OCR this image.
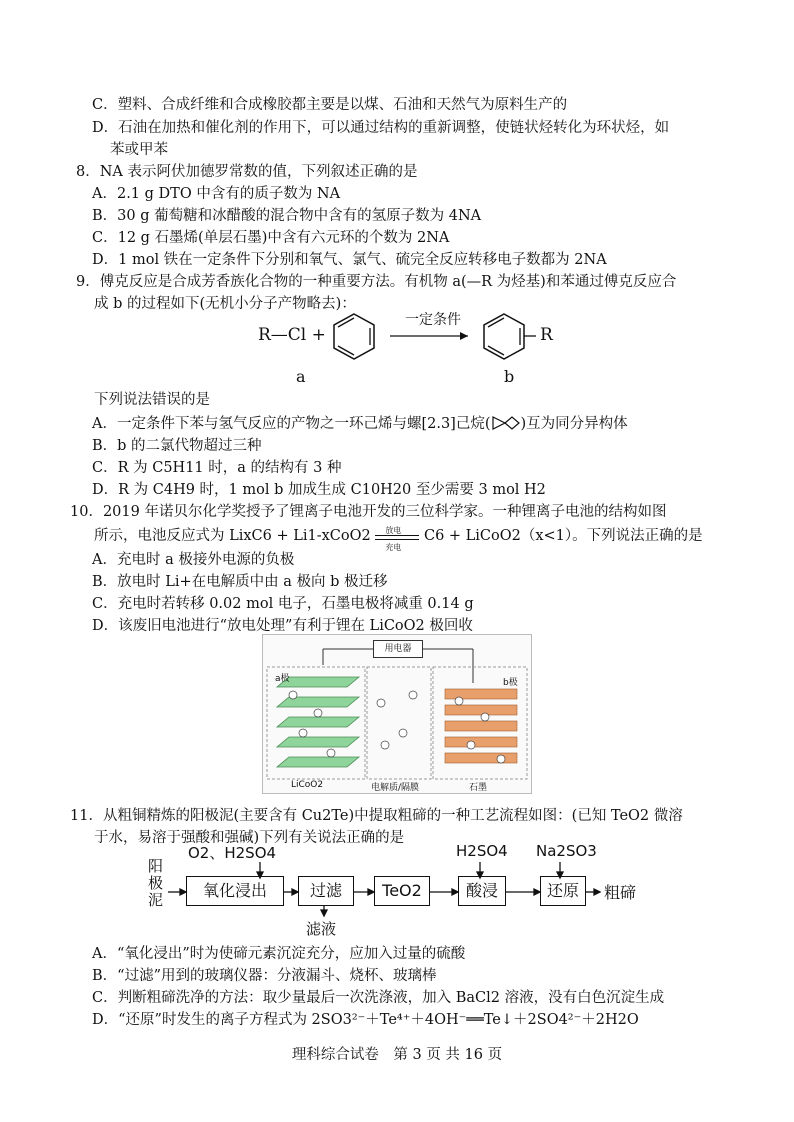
C．塑料、合成纤维和合成橡胶都主要是以煤、石油和天然气为原料生产的
D．石油在加热和催化剂的作用下，可以通过结构的重新调整，使链状烃转化为环状烃，如
苯或甲苯
8．NA 表示阿伏加德罗常数的值，下列叙述正确的是
A．2.1 g DTO 中含有的质子数为 NA
B．30 g 葡萄糖和冰醋酸的混合物中含有的氢原子数为 4NA
C．12 g 石墨烯(单层石墨)中含有六元环的个数为 2NA
D．1 mol 铁在一定条件下分别和氧气、氯气、硫完全反应转移电子数都为 2NA
9．傅克反应是合成芳香族化合物的一种重要方法。有机物 a(—R 为烃基)和苯通过傅克反应合
成 b 的过程如下(无机小分子产物略去)：
R—Cl +
一定条件
R
a	b
下列说法错误的是
A．一定条件下苯与氢气反应的产物之一环己烯与螺[2.3]己烷( )互为同分异构体
B．b 的二氯代物超过三种
C．R 为 C5H11 时，a 的结构有 3 种
D．R 为 C4H9 时，1 mol b 加成生成 C10H20 至少需要 3 mol H2
10．2019 年诺贝尔化学奖授予了锂离子电池开发的三位科学家。一种锂离子电池的结构如图
所示，电池反应式为 LixC6 + Li1-xCoO2 放电
充电
C6 + LiCoO2（x<1）。下列说法正确的是
A．充电时 a 极接外电源的负极
B．放电时 Li+在电解质中由 a 极向 b 极迁移
C．充电时若转移 0.02 mol 电子，石墨电极将减重 0.14 g
D．该废旧电池进行“放电处理”有利于锂在 LiCoO2 极回收
用电器
a极	b极
LiCoO2	电解质/隔膜	石墨
11．从粗铜精炼的阳极泥(主要含有 Cu2Te)中提取粗碲的一种工艺流程如图：(已知 TeO2 微溶
于水，易溶于强酸和强碱)下列有关说法正确的是
阳
极
泥
O2、H2SO4
氧化浸出	过滤
滤液
TeO2
H2SO4
酸浸
Na2SO3
还原	粗碲
A．“氧化浸出”时为使碲元素沉淀充分，应加入过量的硫酸
B．“过滤”用到的玻璃仪器：分液漏斗、烧杯、玻璃棒
C．判断粗碲洗净的方法：取少量最后一次洗涤液，加入 BaCl2 溶液，没有白色沉淀生成
D．“还原”时发生的离子方程式为 2SO3²⁻＋Te⁴⁺＋4OH⁻══Te↓＋2SO4²⁻＋2H2O
理科综合试卷　第 3 页 共 16 页
